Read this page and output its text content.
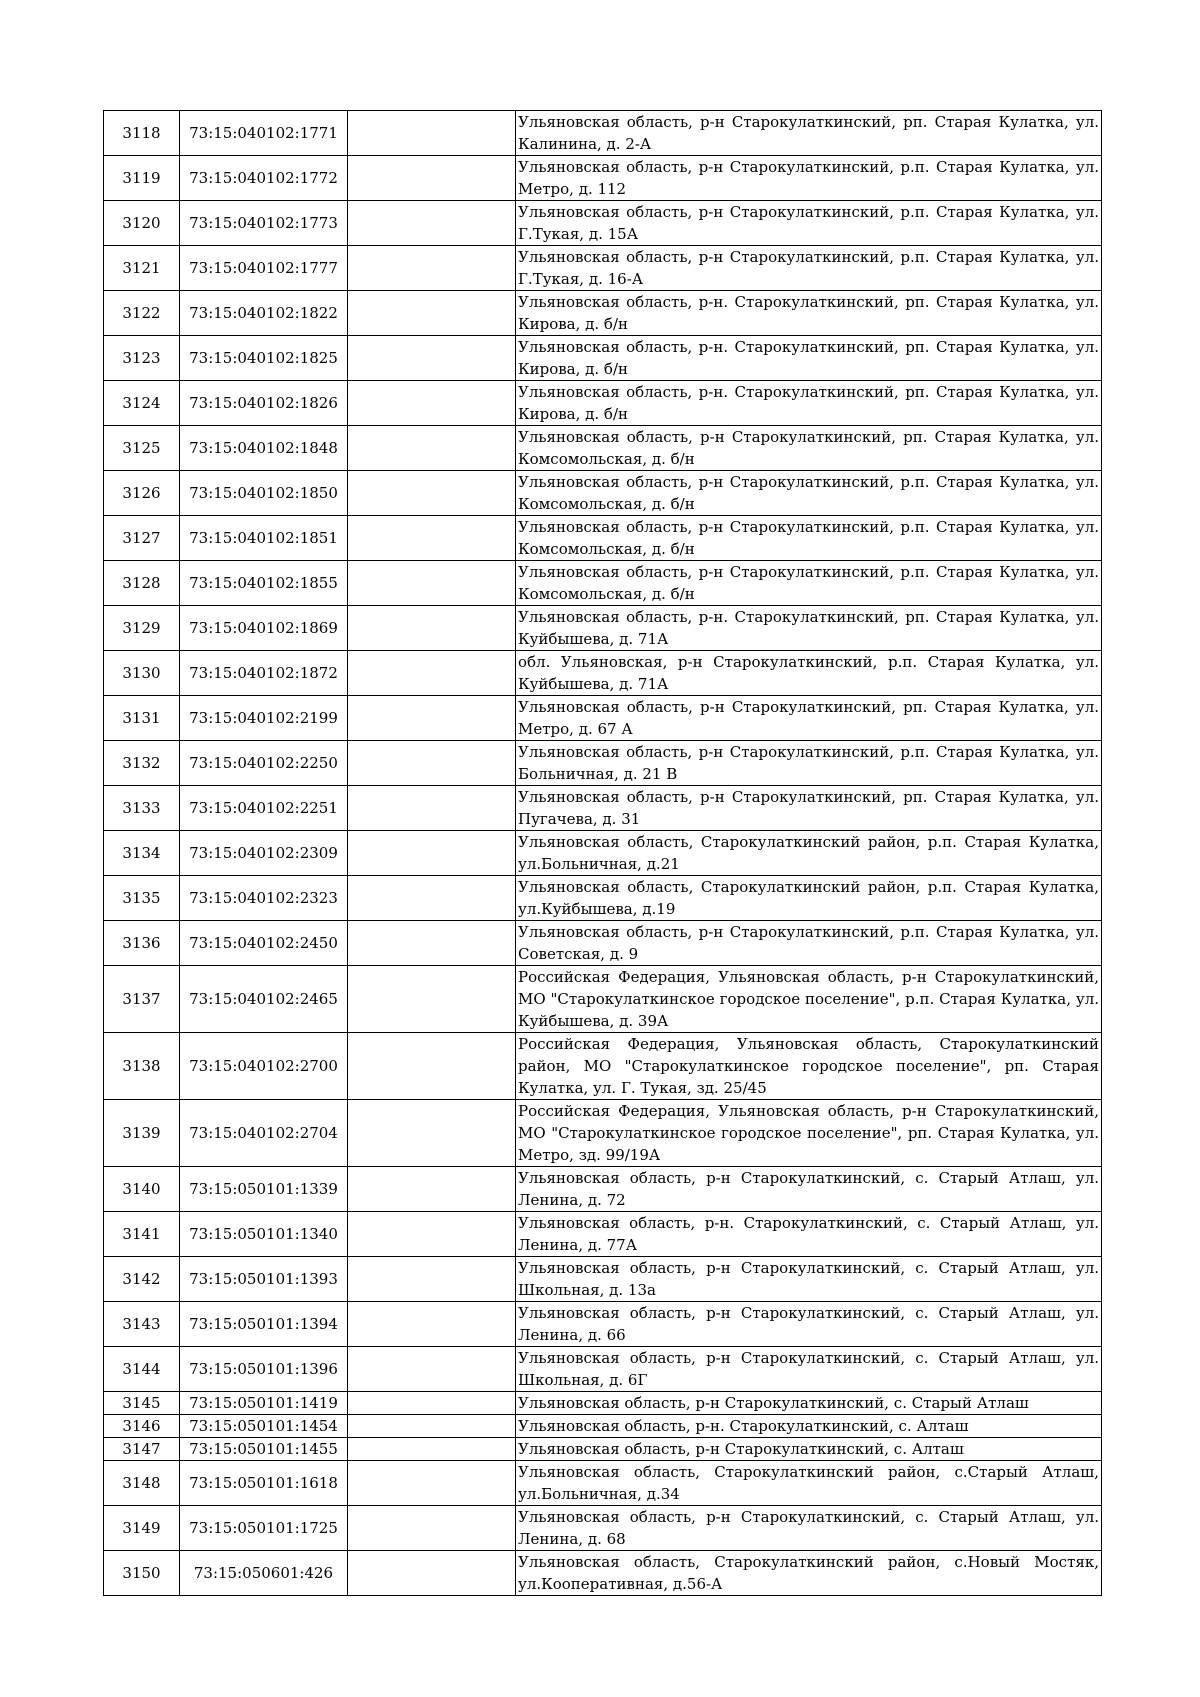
3118	73:15:040102:1771		Ульяновская область, р-н Старокулаткинский, рп. Старая Кулатка, ул. Калинина, д. 2-А
3119	73:15:040102:1772		Ульяновская область, р-н Старокулаткинский, р.п. Старая Кулатка, ул. Метро, д. 112
3120	73:15:040102:1773		Ульяновская область, р-н Старокулаткинский, р.п. Старая Кулатка, ул. Г.Тукая, д. 15А
3121	73:15:040102:1777		Ульяновская область, р-н Старокулаткинский, р.п. Старая Кулатка, ул. Г.Тукая, д. 16-А
3122	73:15:040102:1822		Ульяновская область, р-н. Старокулаткинский, рп. Старая Кулатка, ул. Кирова, д. б/н
3123	73:15:040102:1825		Ульяновская область, р-н. Старокулаткинский, рп. Старая Кулатка, ул. Кирова, д. б/н
3124	73:15:040102:1826		Ульяновская область, р-н. Старокулаткинский, рп. Старая Кулатка, ул. Кирова, д. б/н
3125	73:15:040102:1848		Ульяновская область, р-н Старокулаткинский, рп. Старая Кулатка, ул. Комсомольская, д. б/н
3126	73:15:040102:1850		Ульяновская область, р-н Старокулаткинский, р.п. Старая Кулатка, ул. Комсомольская, д. б/н
3127	73:15:040102:1851		Ульяновская область, р-н Старокулаткинский, р.п. Старая Кулатка, ул. Комсомольская, д. б/н
3128	73:15:040102:1855		Ульяновская область, р-н Старокулаткинский, р.п. Старая Кулатка, ул. Комсомольская, д. б/н
3129	73:15:040102:1869		Ульяновская область, р-н. Старокулаткинский, рп. Старая Кулатка, ул. Куйбышева, д. 71А
3130	73:15:040102:1872		обл. Ульяновская, р-н Старокулаткинский, р.п. Старая Кулатка, ул. Куйбышева, д. 71А
3131	73:15:040102:2199		Ульяновская область, р-н Старокулаткинский, рп. Старая Кулатка, ул. Метро, д. 67 А
3132	73:15:040102:2250		Ульяновская область, р-н Старокулаткинский, р.п. Старая Кулатка, ул. Больничная, д. 21 В
3133	73:15:040102:2251		Ульяновская область, р-н Старокулаткинский, рп. Старая Кулатка, ул. Пугачева, д. 31
3134	73:15:040102:2309		Ульяновская область, Старокулаткинский район, р.п. Старая Кулатка, ул.Больничная, д.21
3135	73:15:040102:2323		Ульяновская область, Старокулаткинский район, р.п. Старая Кулатка, ул.Куйбышева, д.19
3136	73:15:040102:2450		Ульяновская область, р-н Старокулаткинский, р.п. Старая Кулатка, ул. Советская, д. 9
3137	73:15:040102:2465		Российская Федерация, Ульяновская область, р-н Старокулаткинский, МО "Старокулаткинское городское поселение", р.п. Старая Кулатка, ул. Куйбышева, д. 39А
3138	73:15:040102:2700		Российская Федерация, Ульяновская область, Старокулаткинский район, МО "Старокулаткинское городское поселение", рп. Старая Кулатка, ул. Г. Тукая, зд. 25/45
3139	73:15:040102:2704		Российская Федерация, Ульяновская область, р-н Старокулаткинский, МО "Старокулаткинское городское поселение", рп. Старая Кулатка, ул. Метро, зд. 99/19А
3140	73:15:050101:1339		Ульяновская область, р-н Старокулаткинский, с. Старый Атлаш, ул. Ленина, д. 72
3141	73:15:050101:1340		Ульяновская область, р-н. Старокулаткинский, с. Старый Атлаш, ул. Ленина, д. 77А
3142	73:15:050101:1393		Ульяновская область, р-н Старокулаткинский, с. Старый Атлаш, ул. Школьная, д. 13а
3143	73:15:050101:1394		Ульяновская область, р-н Старокулаткинский, с. Старый Атлаш, ул. Ленина, д. 66
3144	73:15:050101:1396		Ульяновская область, р-н Старокулаткинский, с. Старый Атлаш, ул. Школьная, д. 6Г
3145	73:15:050101:1419		Ульяновская область, р-н Старокулаткинский, с. Старый Атлаш
3146	73:15:050101:1454		Ульяновская область, р-н. Старокулаткинский, с. Алташ
3147	73:15:050101:1455		Ульяновская область, р-н Старокулаткинский, с. Алташ
3148	73:15:050101:1618		Ульяновская область, Старокулаткинский район, с.Старый Атлаш, ул.Больничная, д.34
3149	73:15:050101:1725		Ульяновская область, р-н Старокулаткинский, с. Старый Атлаш, ул. Ленина, д. 68
3150	73:15:050601:426		Ульяновская область, Старокулаткинский район, с.Новый Мостяк, ул.Кооперативная, д.56-А
